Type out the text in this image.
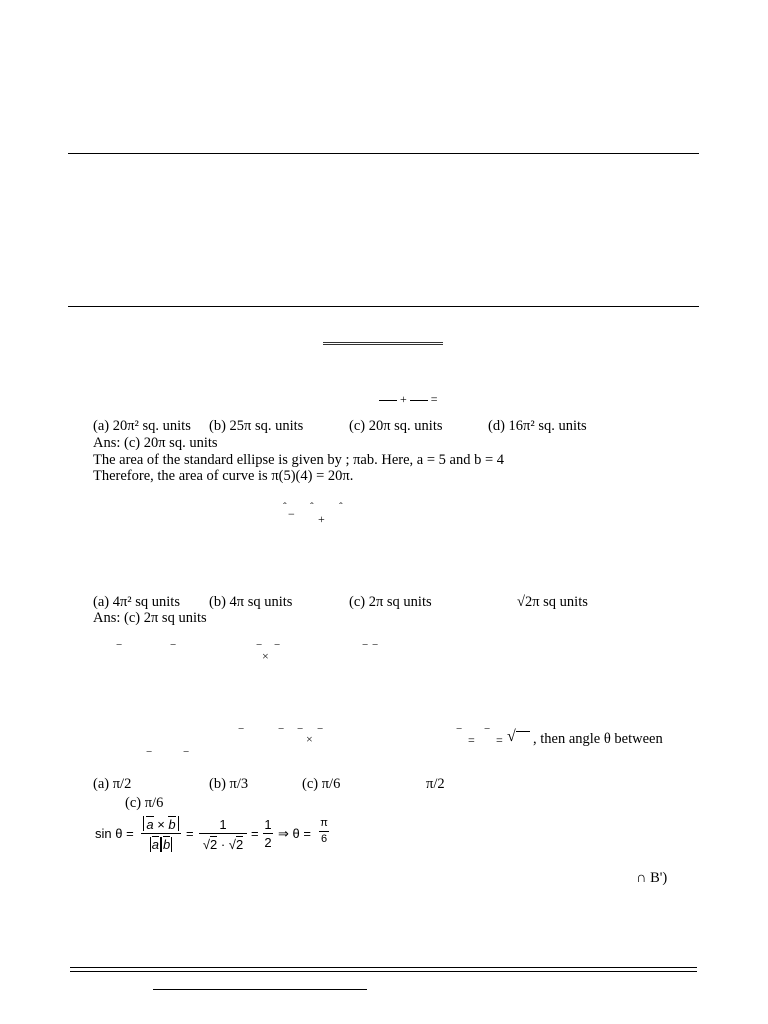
+ =
(a) 20π² sq. units (b) 25π sq. units	(c) 20π sq. units	(d) 16π² sq. units
Ans: (c) 20π sq. units
The area of the standard ellipse is given by ; πab. Here, a = 5 and b = 4
Therefore, the area of curve is π(5)(4) = 20π.
ˆ − ˆ
+
ˆ
(a) 4π² sq units (b) 4π sq units	(c) 2π sq units	√2π sq units
Ans: (c) 2π sq units
−	−	− −
×
− −
−	− − −
×
− −
= = √	, then angle θ between
−	−
(a) π/2	(b) π/3	(c) π/6	π/2
(c) π/6
sin θ =
a × b
a b
=
1
√2 · √2
=
1
2
⇒ θ =
π
6
∩ B')
